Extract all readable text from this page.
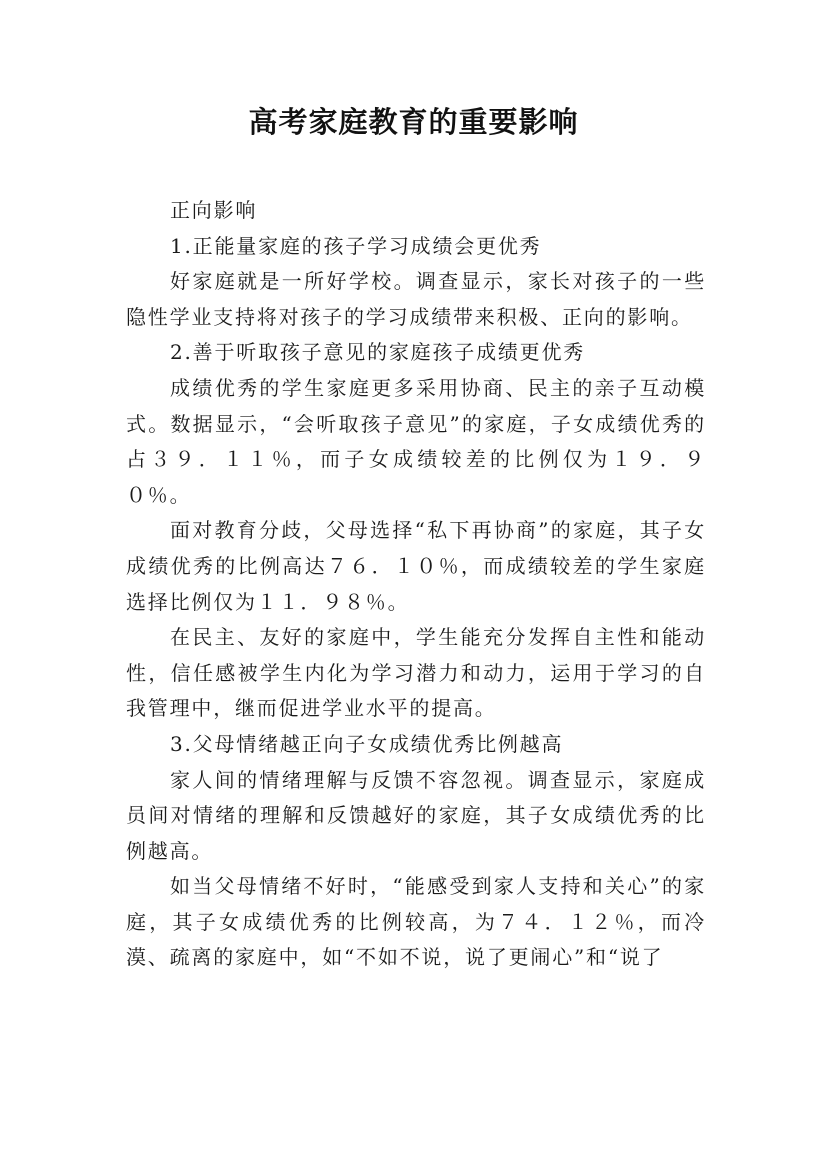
高考家庭教育的重要影响

正向影响

1.正能量家庭的孩子学习成绩会更优秀

好家庭就是一所好学校。调查显示，家长对孩子的一些隐性学业支持将对孩子的学习成绩带来积极、正向的影响。

2.善于听取孩子意见的家庭孩子成绩更优秀

成绩优秀的学生家庭更多采用协商、民主的亲子互动模式。数据显示，“会听取孩子意见”的家庭，子女成绩优秀的占３９．１１％，而子女成绩较差的比例仅为１９．９０％。

面对教育分歧，父母选择“私下再协商”的家庭，其子女成绩优秀的比例高达７６．１０％，而成绩较差的学生家庭选择比例仅为１１．９８％。

在民主、友好的家庭中，学生能充分发挥自主性和能动性，信任感被学生内化为学习潜力和动力，运用于学习的自我管理中，继而促进学业水平的提高。

3.父母情绪越正向子女成绩优秀比例越高

家人间的情绪理解与反馈不容忽视。调查显示，家庭成员间对情绪的理解和反馈越好的家庭，其子女成绩优秀的比例越高。

如当父母情绪不好时，“能感受到家人支持和关心”的家庭，其子女成绩优秀的比例较高，为７４．１２％，而冷漠、疏离的家庭中，如“不如不说，说了更闹心”和“说了
